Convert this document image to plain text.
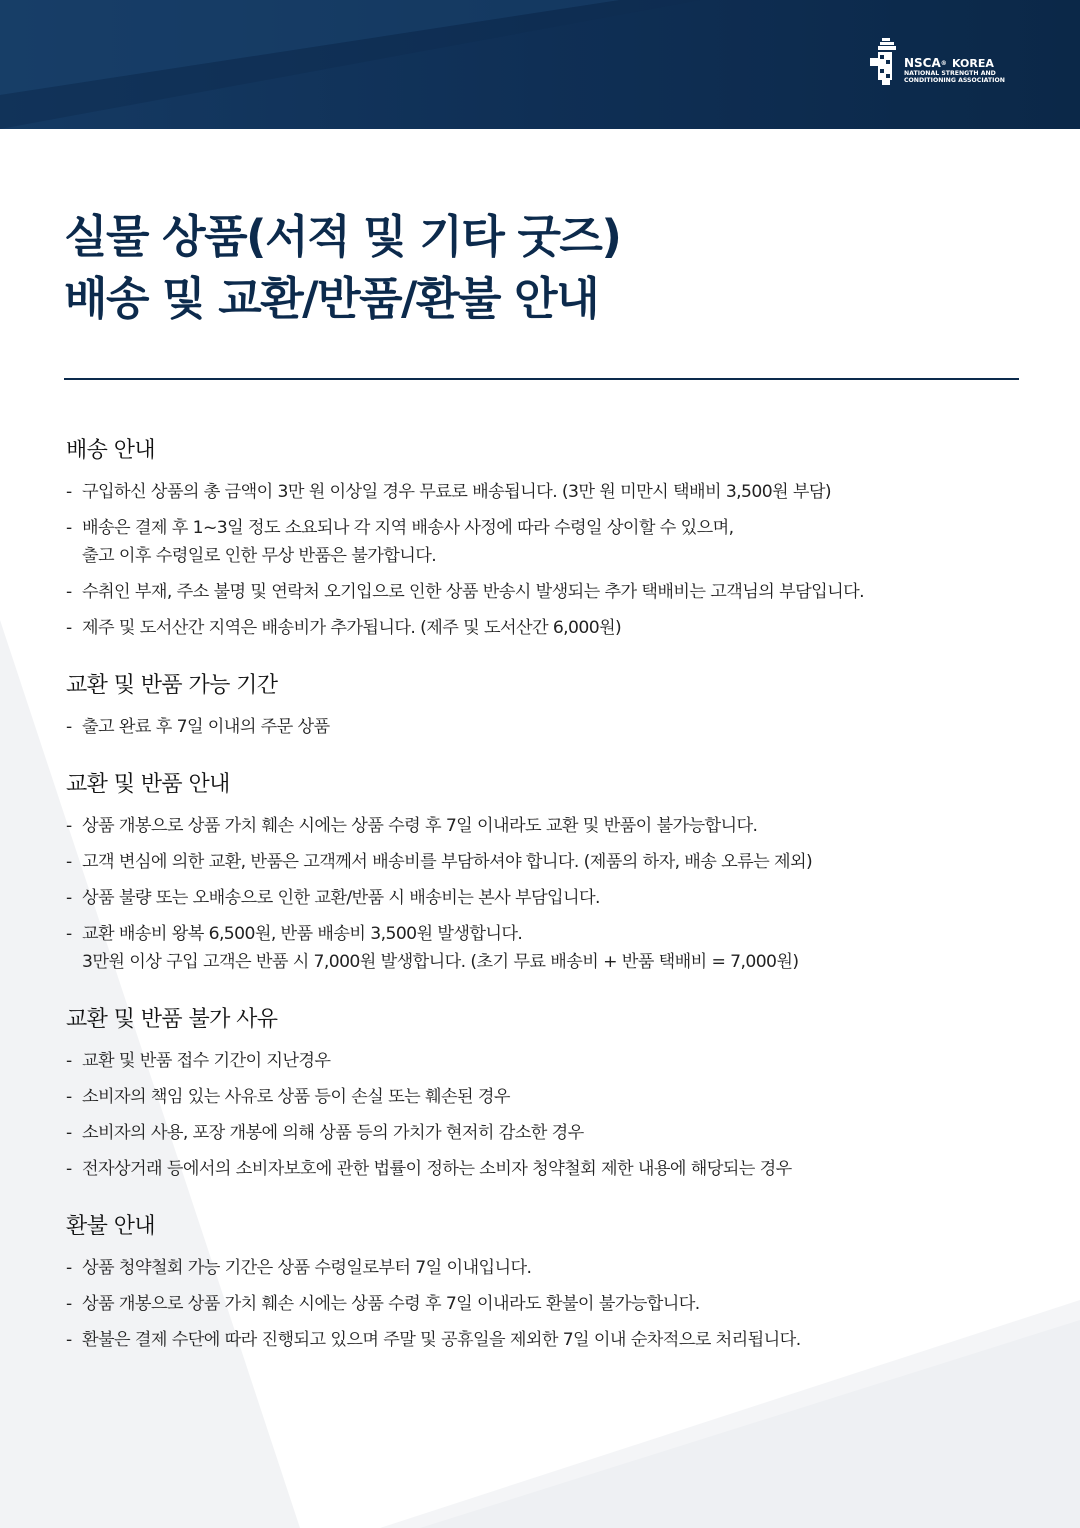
NSCA® KOREA
NATIONAL STRENGTH AND
CONDITIONING ASSOCIATION
실물 상품(서적 및 기타 굿즈)
배송 및 교환/반품/환불 안내
배송 안내
-구입하신 상품의 총 금액이 3만 원 이상일 경우 무료로 배송됩니다. (3만 원 미만시 택배비 3,500원 부담)
-배송은 결제 후 1~3일 정도 소요되나 각 지역 배송사 사정에 따라 수령일 상이할 수 있으며,
출고 이후 수령일로 인한 무상 반품은 불가합니다.
-수취인 부재, 주소 불명 및 연락처 오기입으로 인한 상품 반송시 발생되는 추가 택배비는 고객님의 부담입니다.
-제주 및 도서산간 지역은 배송비가 추가됩니다. (제주 및 도서산간 6,000원)
교환 및 반품 가능 기간
-출고 완료 후 7일 이내의 주문 상품
교환 및 반품 안내
-상품 개봉으로 상품 가치 훼손 시에는 상품 수령 후 7일 이내라도 교환 및 반품이 불가능합니다.
-고객 변심에 의한 교환, 반품은 고객께서 배송비를 부담하셔야 합니다. (제품의 하자, 배송 오류는 제외)
-상품 불량 또는 오배송으로 인한 교환/반품 시 배송비는 본사 부담입니다.
-교환 배송비 왕복 6,500원, 반품 배송비 3,500원 발생합니다.
3만원 이상 구입 고객은 반품 시 7,000원 발생합니다. (초기 무료 배송비 + 반품 택배비 = 7,000원)
교환 및 반품 불가 사유
-교환 및 반품 접수 기간이 지난경우
-소비자의 책임 있는 사유로 상품 등이 손실 또는 훼손된 경우
-소비자의 사용, 포장 개봉에 의해 상품 등의 가치가 현저히 감소한 경우
-전자상거래 등에서의 소비자보호에 관한 법률이 정하는 소비자 청약철회 제한 내용에 해당되는 경우
환불 안내
-상품 청약철회 가능 기간은 상품 수령일로부터 7일 이내입니다.
-상품 개봉으로 상품 가치 훼손 시에는 상품 수령 후 7일 이내라도 환불이 불가능합니다.
-환불은 결제 수단에 따라 진행되고 있으며 주말 및 공휴일을 제외한 7일 이내 순차적으로 처리됩니다.
